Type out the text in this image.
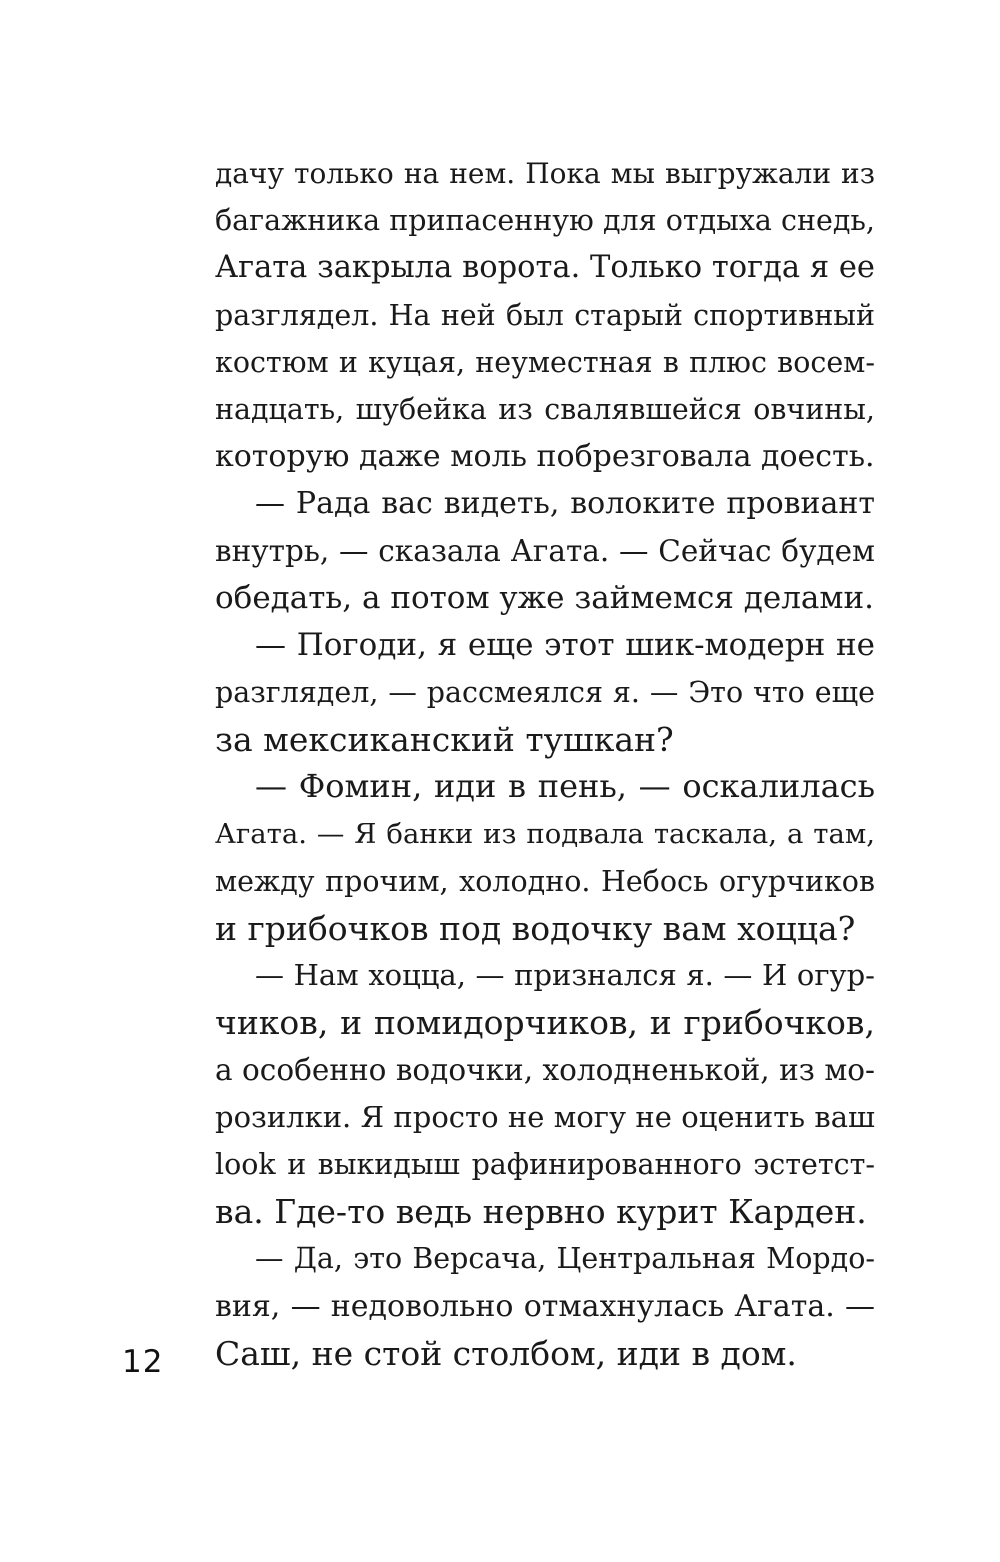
дачу только на нем. Пока мы выгружали из
багажника припасенную для отдыха снедь,
Агата закрыла ворота. Только тогда я ее
разглядел. На ней был старый спортивный
костюм и куцая, неуместная в плюс восем-
надцать, шубейка из свалявшейся овчины,
которую даже моль побрезговала доесть.
— Рада вас видеть, волоките провиант
внутрь, — сказала Агата. — Сейчас будем
обедать, а потом уже займемся делами.
— Погоди, я еще этот шик-модерн не
разглядел, — рассмеялся я. — Это что еще
за мексиканский тушкан?
— Фомин, иди в пень, — оскалилась
Агата. — Я банки из подвала таскала, а там,
между прочим, холодно. Небось огурчиков
и грибочков под водочку вам хоцца?
— Нам хоцца, — признался я. — И огур-
чиков, и помидорчиков, и грибочков,
а особенно водочки, холодненькой, из мо-
розилки. Я просто не могу не оценить ваш
look и выкидыш рафинированного эстетст-
ва. Где-то ведь нервно курит Карден.
— Да, это Версача, Центральная Мордо-
вия, — недовольно отмахнулась Агата. —
Саш, не стой столбом, иди в дом.
12
